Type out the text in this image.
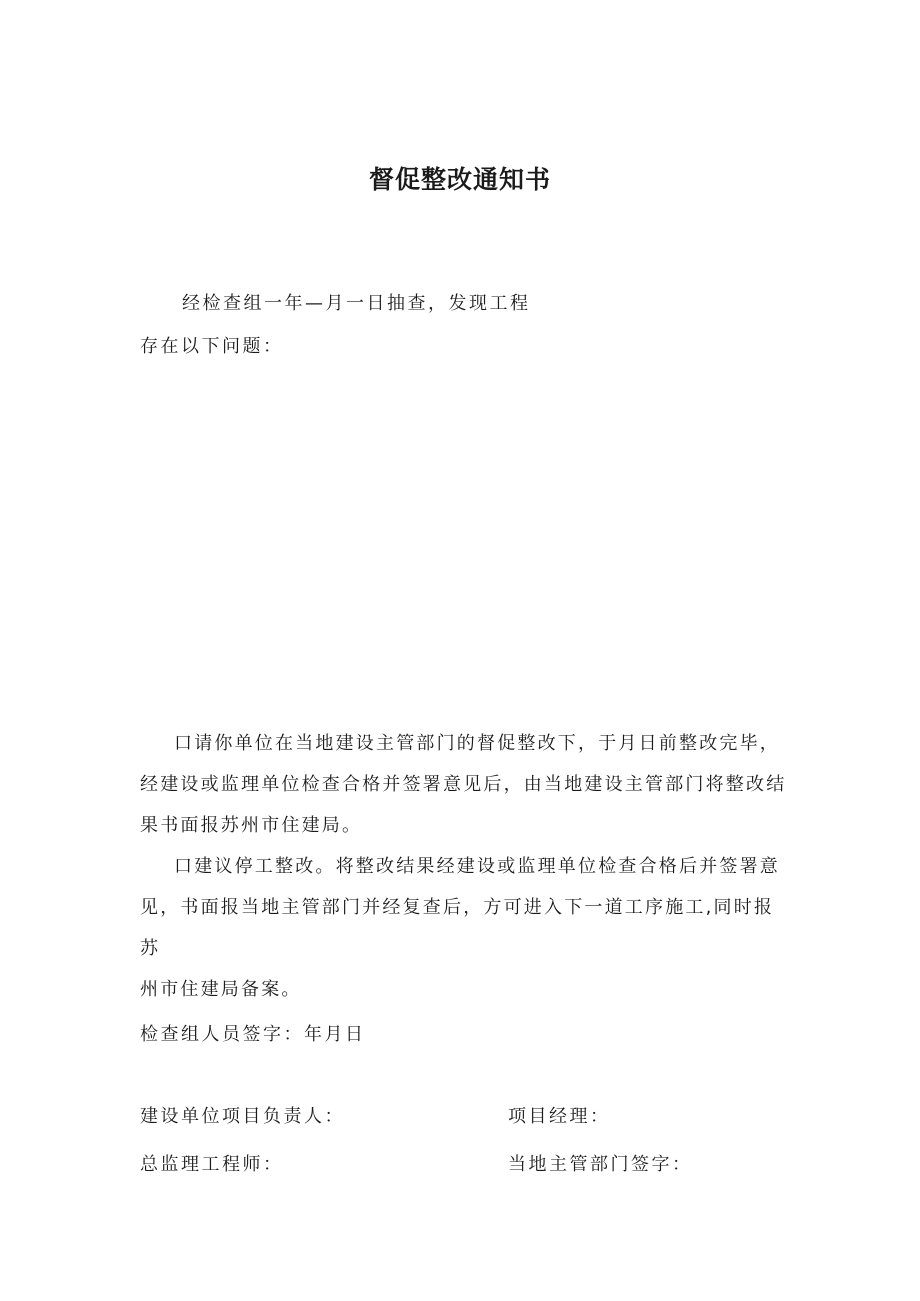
督促整改通知书
经检查组一年—月一日抽查，发现工程
存在以下问题：
口请你单位在当地建设主管部门的督促整改下，于月日前整改完毕，
经建设或监理单位检查合格并签署意见后，由当地建设主管部门将整改结
果书面报苏州市住建局。
口建议停工整改。将整改结果经建设或监理单位检查合格后并签署意
见，书面报当地主管部门并经复查后，方可进入下一道工序施工,同时报苏
州市住建局备案。
检查组人员签字：年月日
建设单位项目负责人：	项目经理：
总监理工程师：	当地主管部门签字：
